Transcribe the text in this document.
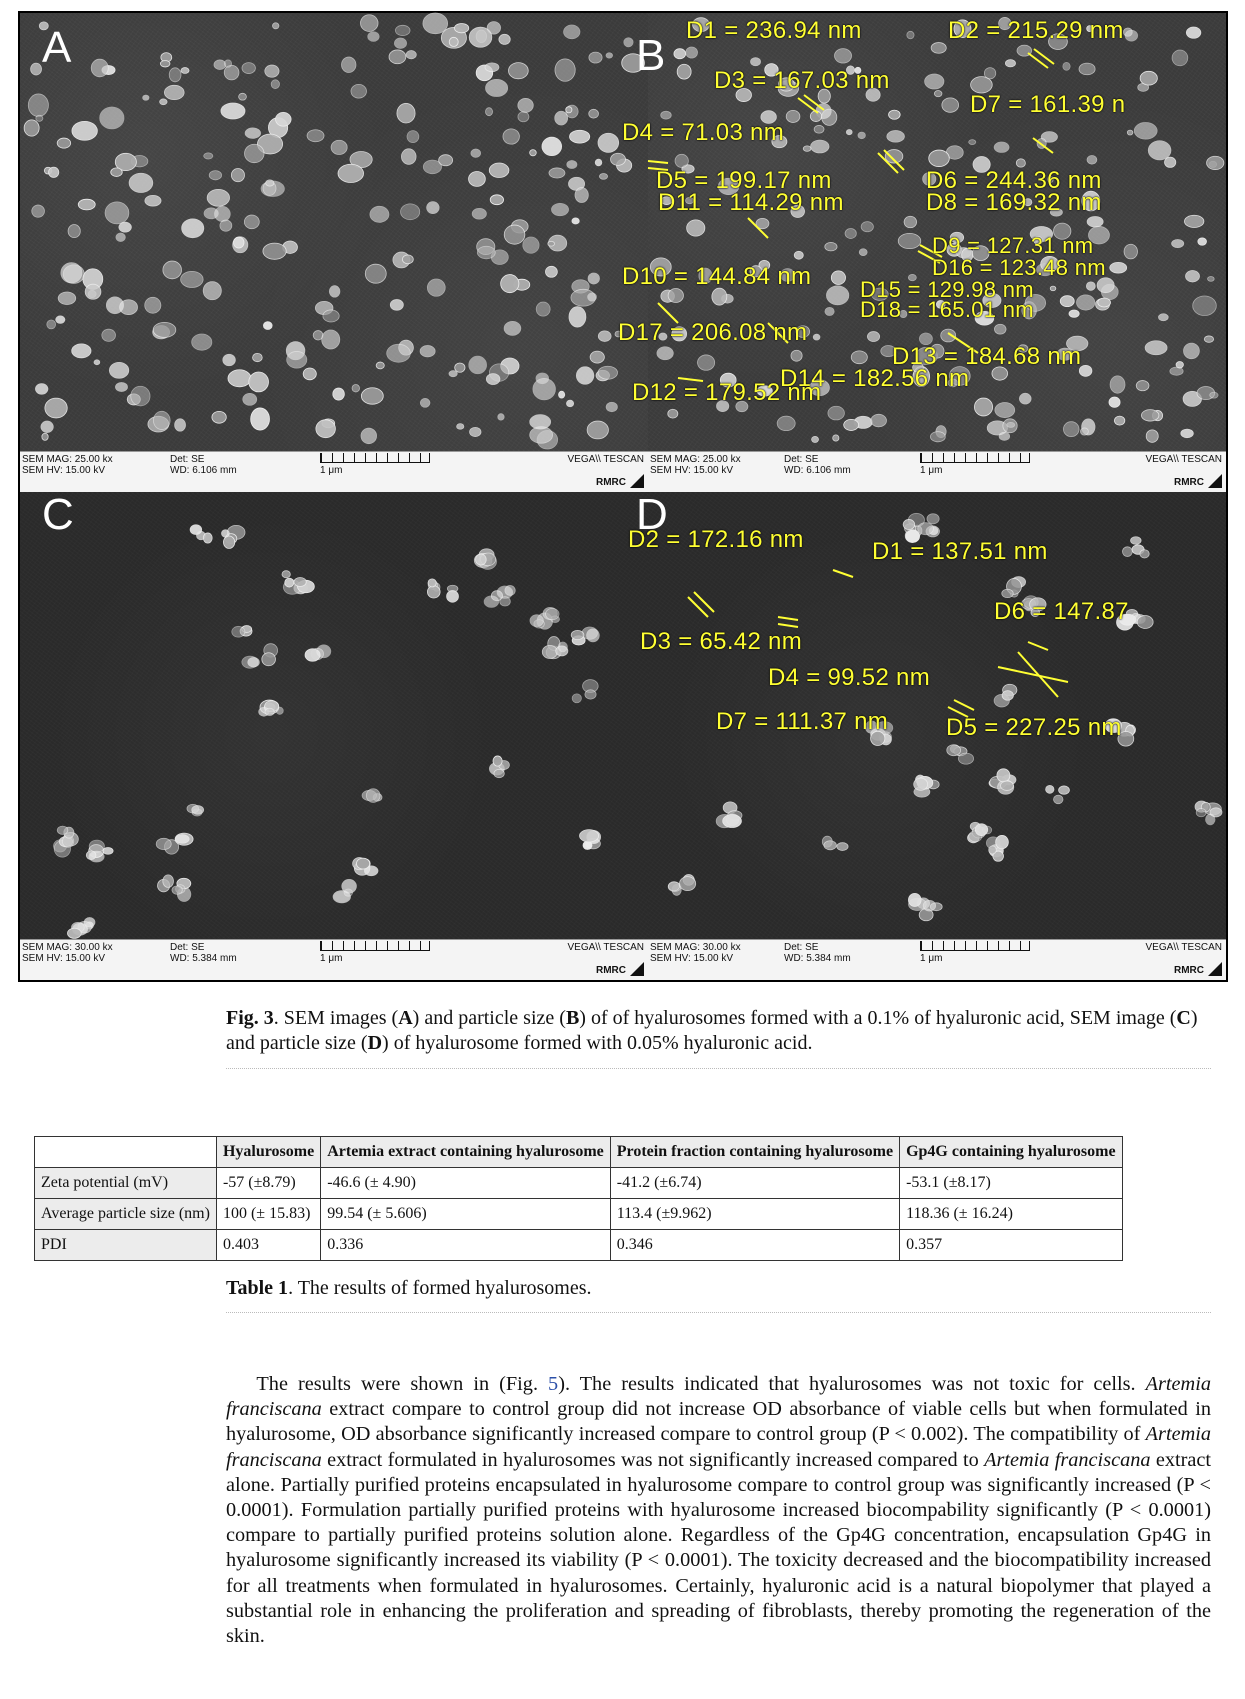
A
SEM MAG: 25.00 kx
SEM HV: 15.00 kV
Det: SE
WD: 6.106 mm	1 μm
VEGA\\ TESCAN
RMRC
B
D1 = 236.94 nm	D2 = 215.29 nm
D3 = 167.03 nm
D7 = 161.39 n
D4 = 71.03 nm
D5 = 199.17 nm	D6 = 244.36 nm
D11 = 114.29 nm	D8 = 169.32 nm
D9 = 127.31 nm
D10 = 144.84 nm	D16 = 123.48 nm
D15 = 129.98 nm
D18 = 165.01 nm
D17 = 206.08 nm
D13 = 184.68 nm
D14 = 182.56 nm
D12 = 179.52 nm
SEM MAG: 25.00 kx
SEM HV: 15.00 kV
Det: SE
WD: 6.106 mm	1 μm
VEGA\\ TESCAN
RMRC
C
SEM MAG: 30.00 kx
SEM HV: 15.00 kV
Det: SE
WD: 5.384 mm	1 μm
VEGA\\ TESCAN
RMRC
D
D2 = 172.16 nm	D1 = 137.51 nm
D6 = 147.87
D3 = 65.42 nm
D4 = 99.52 nm
D7 = 111.37 nm D5 = 227.25 nm
SEM MAG: 30.00 kx
SEM HV: 15.00 kV
Det: SE
WD: 5.384 mm	1 μm
VEGA\\ TESCAN
RMRC
Fig. 3. SEM images (A) and particle size (B) of of hyalurosomes formed with a 0.1% of hyaluronic acid, SEM image (C) and particle size (D) of hyalurosome formed with 0.05% hyaluronic acid.
	Hyalurosome	Artemia extract containing hyalurosome	Protein fraction containing hyalurosome	Gp4G containing hyalurosome
Zeta potential (mV)	-57 (±8.79)	-46.6 (± 4.90)	-41.2 (±6.74)	-53.1 (±8.17)
Average particle size (nm)	100 (± 15.83)	99.54 (± 5.606)	113.4 (±9.962)	118.36 (± 16.24)
PDI	0.403	0.336	0.346	0.357
Table 1. The results of formed hyalurosomes.

  The results were shown in (Fig. 5). The results indicated that hyalurosomes was not toxic for cells. Artemia franciscana extract compare to control group did not increase OD absorbance of viable cells but when formulated in hyalurosome, OD absorbance significantly increased compare to control group (P < 0.002). The compatibility of Artemia franciscana extract formulated in hyalurosomes was not significantly increased compared to Artemia franciscana extract alone. Partially purified proteins encapsulated in hyalurosome compare to control group was significantly increased (P < 0.0001). Formulation partially purified proteins with hyalurosome increased biocompability significantly (P < 0.0001) compare to partially purified proteins solution alone. Regardless of the Gp4G concentration, encapsulation Gp4G in hyalurosome significantly increased its viability (P < 0.0001). The toxicity decreased and the biocompatibility increased for all treatments when formulated in hyalurosomes. Certainly, hyaluronic acid is a natural biopolymer that played a substantial role in enhancing the proliferation and spreading of fibroblasts, thereby promoting the regeneration of the skin.
